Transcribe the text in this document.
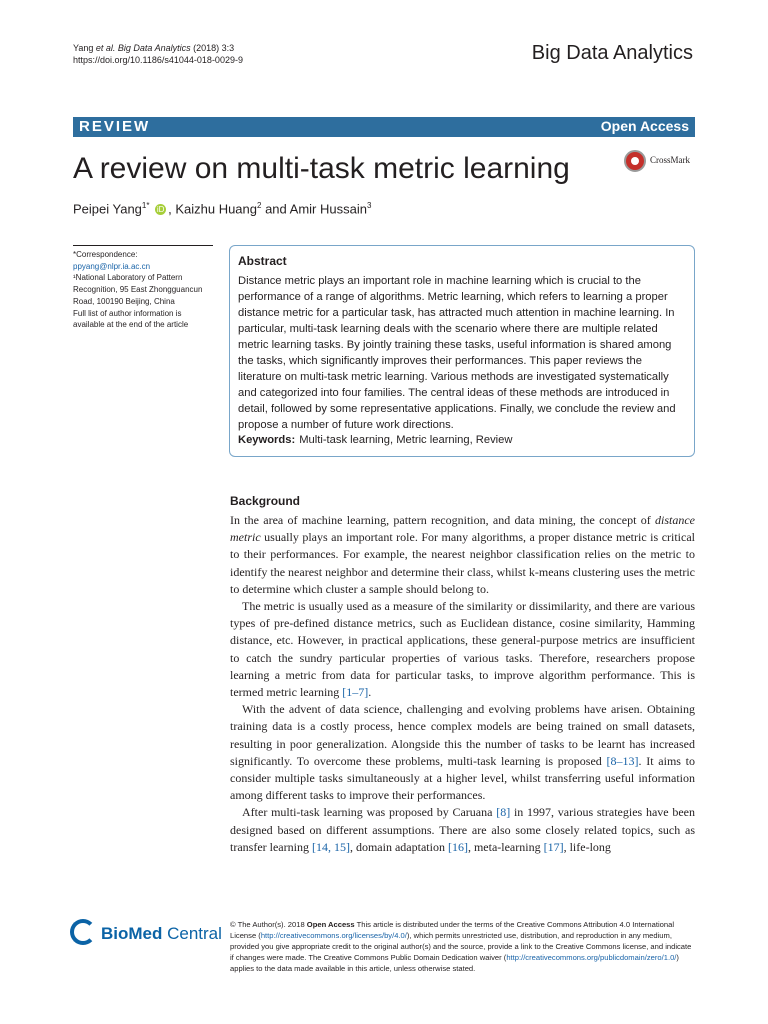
Yang et al. Big Data Analytics (2018) 3:3
https://doi.org/10.1186/s41044-018-0029-9	Big Data Analytics
REVIEW	Open Access
A review on multi-task metric learning	CrossMark
Peipei Yang$^{1*}$ iD , Kaizhu Huang$^2$ and Amir Hussain$^3$
*Correspondence:
ppyang@nlpr.ia.ac.cn
¹National Laboratory of Pattern Recognition, 95 East Zhongguancun Road, 100190 Beijing, China
Full list of author information is available at the end of the article
Abstract
Distance metric plays an important role in machine learning which is crucial to the performance of a range of algorithms. Metric learning, which refers to learning a proper distance metric for a particular task, has attracted much attention in machine learning. In particular, multi-task learning deals with the scenario where there are multiple related metric learning tasks. By jointly training these tasks, useful information is shared among the tasks, which significantly improves their performances. This paper reviews the literature on multi-task metric learning. Various methods are investigated systematically and categorized into four families. The central ideas of these methods are introduced in detail, followed by some representative applications. Finally, we conclude the review and propose a number of future work directions.
Keywords: Multi-task learning, Metric learning, Review
Background

In the area of machine learning, pattern recognition, and data mining, the concept of distance metric usually plays an important role. For many algorithms, a proper distance metric is critical to their performances. For example, the nearest neighbor classification relies on the metric to identify the nearest neighbor and determine their class, whilst k-means clustering uses the metric to determine which cluster a sample should belong to.

The metric is usually used as a measure of the similarity or dissimilarity, and there are various types of pre-defined distance metrics, such as Euclidean distance, cosine similarity, Hamming distance, etc. However, in practical applications, these general-purpose metrics are insufficient to catch the sundry particular properties of various tasks. Therefore, researchers propose learning a metric from data for particular tasks, to improve algorithm performance. This is termed metric learning [1–7].

With the advent of data science, challenging and evolving problems have arisen. Obtaining training data is a costly process, hence complex models are being trained on small datasets, resulting in poor generalization. Alongside this the number of tasks to be learnt has increased significantly. To overcome these problems, multi-task learning is proposed [8–13]. It aims to consider multiple tasks simultaneously at a higher level, whilst transferring useful information among different tasks to improve their performances.

After multi-task learning was proposed by Caruana [8] in 1997, various strategies have been designed based on different assumptions. There are also some closely related topics, such as transfer learning [14, 15], domain adaptation [16], meta-learning [17], life-long

BioMed Central © The Author(s). 2018 Open Access This article is distributed under the terms of the Creative Commons Attribution 4.0 International License (http://creativecommons.org/licenses/by/4.0/), which permits unrestricted use, distribution, and reproduction in any medium, provided you give appropriate credit to the original author(s) and the source, provide a link to the Creative Commons license, and indicate if changes were made. The Creative Commons Public Domain Dedication waiver (http://creativecommons.org/publicdomain/zero/1.0/) applies to the data made available in this article, unless otherwise stated.
